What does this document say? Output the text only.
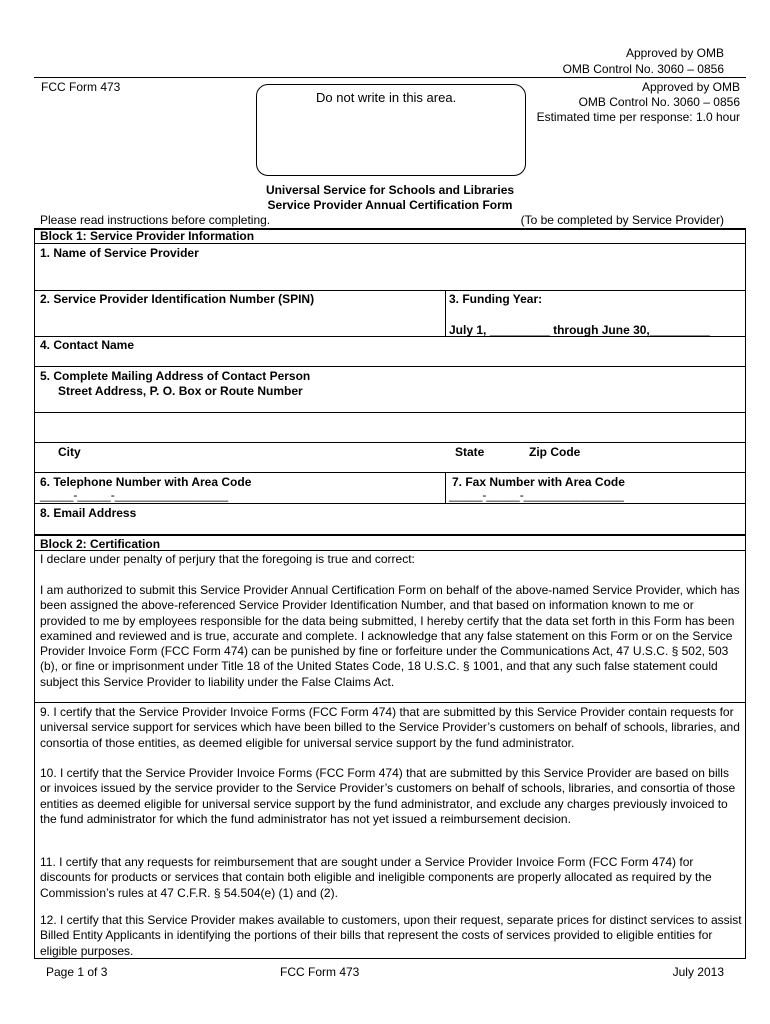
Approved by OMB
OMB Control No. 3060 – 0856
FCC Form 473
Do not write in this area.
Approved by OMB
OMB Control No. 3060 – 0856
Estimated time per response: 1.0 hour
Universal Service for Schools and Libraries
Service Provider Annual Certification Form
Please read instructions before completing.	(To be completed by Service Provider)
Block 1: Service Provider Information
1. Name of Service Provider
2. Service Provider Identification Number (SPIN)	3. Funding Year:
July 1, _________ through June 30,_________
4. Contact Name
5. Complete Mailing Address of Contact Person
Street Address, P. O. Box or Route Number
City	State	Zip Code
6. Telephone Number with Area Code
_____-_____-_________________
7. Fax Number with Area Code
_____-_____-_______________
8. Email Address
Block 2: Certification
I declare under penalty of perjury that the foregoing is true and correct:
I am authorized to submit this Service Provider Annual Certification Form on behalf of the above-named Service Provider, which has been assigned the above-referenced Service Provider Identification Number, and that based on information known to me or provided to me by employees responsible for the data being submitted, I hereby certify that the data set forth in this Form has been examined and reviewed and is true, accurate and complete. I acknowledge that any false statement on this Form or on the Service Provider Invoice Form (FCC Form 474) can be punished by fine or forfeiture under the Communications Act, 47 U.S.C. § 502, 503 (b), or fine or imprisonment under Title 18 of the United States Code, 18 U.S.C. § 1001, and that any such false statement could subject this Service Provider to liability under the False Claims Act.
9. I certify that the Service Provider Invoice Forms (FCC Form 474) that are submitted by this Service Provider contain requests for universal service support for services which have been billed to the Service Provider’s customers on behalf of schools, libraries, and consortia of those entities, as deemed eligible for universal service support by the fund administrator.
10. I certify that the Service Provider Invoice Forms (FCC Form 474) that are submitted by this Service Provider are based on bills or invoices issued by the service provider to the Service Provider’s customers on behalf of schools, libraries, and consortia of those entities as deemed eligible for universal service support by the fund administrator, and exclude any charges previously invoiced to the fund administrator for which the fund administrator has not yet issued a reimbursement decision.
11. I certify that any requests for reimbursement that are sought under a Service Provider Invoice Form (FCC Form 474) for discounts for products or services that contain both eligible and ineligible components are properly allocated as required by the Commission’s rules at 47 C.F.R. § 54.504(e) (1) and (2).
12. I certify that this Service Provider makes available to customers, upon their request, separate prices for distinct services to assist Billed Entity Applicants in identifying the portions of their bills that represent the costs of services provided to eligible entities for eligible purposes.
Page 1 of 3	FCC Form 473	July 2013
